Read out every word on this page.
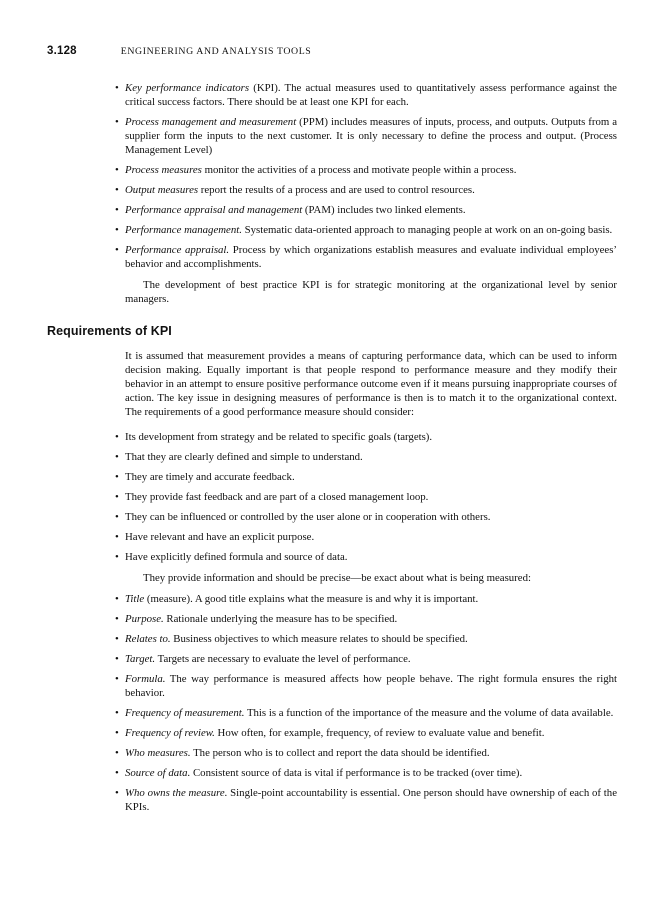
3.128	ENGINEERING AND ANALYSIS TOOLS
• Key performance indicators (KPI). The actual measures used to quantitatively assess performance against the critical success factors. There should be at least one KPI for each.
• Process management and measurement (PPM) includes measures of inputs, process, and outputs. Outputs from a supplier form the inputs to the next customer. It is only necessary to define the process and output. (Process Management Level)
• Process measures monitor the activities of a process and motivate people within a process.
• Output measures report the results of a process and are used to control resources.
• Performance appraisal and management (PAM) includes two linked elements.
• Performance management. Systematic data-oriented approach to managing people at work on an on-going basis.
• Performance appraisal. Process by which organizations establish measures and evaluate individual employees’ behavior and accomplishments.

The development of best practice KPI is for strategic monitoring at the organizational level by senior managers.

Requirements of KPI

It is assumed that measurement provides a means of capturing performance data, which can be used to inform decision making. Equally important is that people respond to performance measure and they modify their behavior in an attempt to ensure positive performance outcome even if it means pursuing inappropriate courses of action. The key issue in designing measures of performance is then is to match it to the organizational context. The requirements of a good performance measure should consider:

• Its development from strategy and be related to specific goals (targets).
• That they are clearly defined and simple to understand.
• They are timely and accurate feedback.
• They provide fast feedback and are part of a closed management loop.
• They can be influenced or controlled by the user alone or in cooperation with others.
• Have relevant and have an explicit purpose.
• Have explicitly defined formula and source of data.

They provide information and should be precise—be exact about what is being measured:

• Title (measure). A good title explains what the measure is and why it is important.
• Purpose. Rationale underlying the measure has to be specified.
• Relates to. Business objectives to which measure relates to should be specified.
• Target. Targets are necessary to evaluate the level of performance.
• Formula. The way performance is measured affects how people behave. The right formula ensures the right behavior.
• Frequency of measurement. This is a function of the importance of the measure and the volume of data available.
• Frequency of review. How often, for example, frequency, of review to evaluate value and benefit.
• Who measures. The person who is to collect and report the data should be identified.
• Source of data. Consistent source of data is vital if performance is to be tracked (over time).
• Who owns the measure. Single-point accountability is essential. One person should have ownership of each of the KPIs.
